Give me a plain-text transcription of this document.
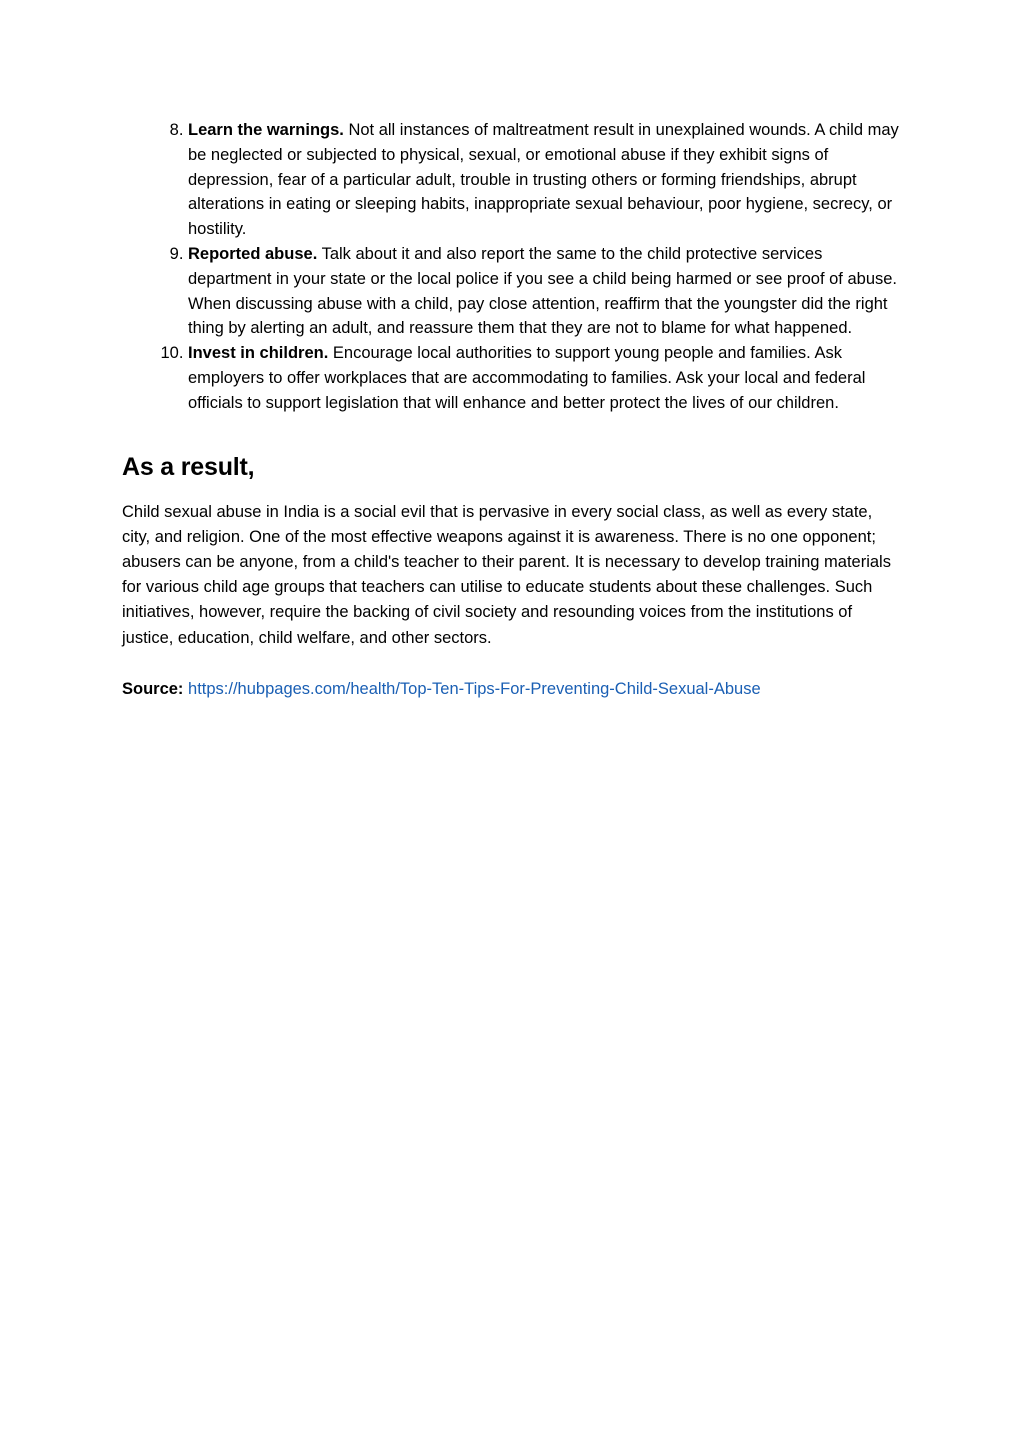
8. Learn the warnings. Not all instances of maltreatment result in unexplained wounds. A child may be neglected or subjected to physical, sexual, or emotional abuse if they exhibit signs of depression, fear of a particular adult, trouble in trusting others or forming friendships, abrupt alterations in eating or sleeping habits, inappropriate sexual behaviour, poor hygiene, secrecy, or hostility.
9. Reported abuse. Talk about it and also report the same to the child protective services department in your state or the local police if you see a child being harmed or see proof of abuse. When discussing abuse with a child, pay close attention, reaffirm that the youngster did the right thing by alerting an adult, and reassure them that they are not to blame for what happened.
10. Invest in children. Encourage local authorities to support young people and families. Ask employers to offer workplaces that are accommodating to families. Ask your local and federal officials to support legislation that will enhance and better protect the lives of our children.
As a result,

Child sexual abuse in India is a social evil that is pervasive in every social class, as well as every state, city, and religion. One of the most effective weapons against it is awareness. There is no one opponent; abusers can be anyone, from a child's teacher to their parent. It is necessary to develop training materials for various child age groups that teachers can utilise to educate students about these challenges. Such initiatives, however, require the backing of civil society and resounding voices from the institutions of justice, education, child welfare, and other sectors.

Source: https://hubpages.com/health/Top-Ten-Tips-For-Preventing-Child-Sexual-Abuse
